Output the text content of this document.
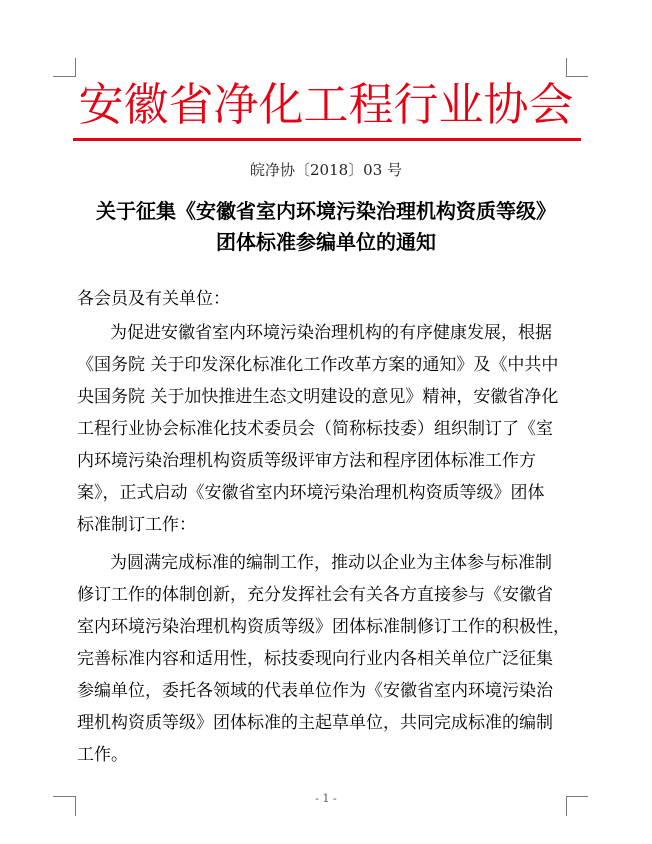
安徽省净化工程行业协会
皖净协〔2018〕03 号
关于征集《安徽省室内环境污染治理机构资质等级》
团体标准参编单位的通知
各会员及有关单位：
为促进安徽省室内环境污染治理机构的有序健康发展，根据
《国务院 关于印发深化标准化工作改革方案的通知》及《中共中
央国务院 关于加快推进生态文明建设的意见》精神，安徽省净化
工程行业协会标准化技术委员会（简称标技委）组织制订了《室
内环境污染治理机构资质等级评审方法和程序团体标准工作方
案》，正式启动《安徽省室内环境污染治理机构资质等级》团体
标准制订工作：
为圆满完成标准的编制工作，推动以企业为主体参与标准制
修订工作的体制创新，充分发挥社会有关各方直接参与《安徽省
室内环境污染治理机构资质等级》团体标准制修订工作的积极性，
完善标准内容和适用性，标技委现向行业内各相关单位广泛征集
参编单位，委托各领域的代表单位作为《安徽省室内环境污染治
理机构资质等级》团体标准的主起草单位，共同完成标准的编制
工作。
- 1 -
